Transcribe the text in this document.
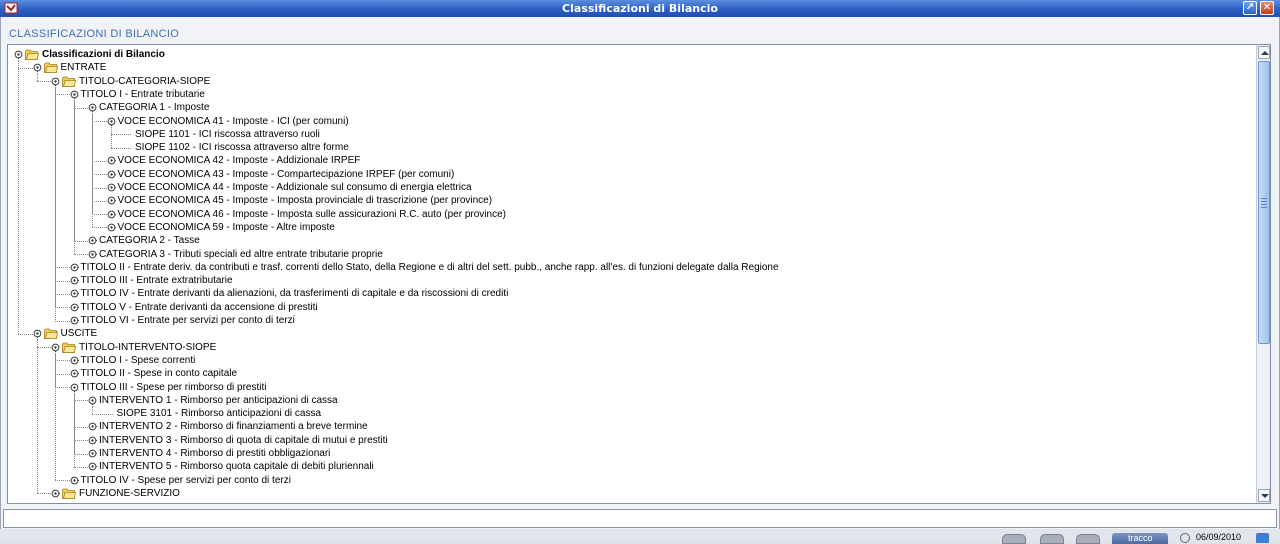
Classificazioni di Bilancio	↗ ✕
CLASSIFICAZIONI DI BILANCIO
Classificazioni di Bilancio
ENTRATE
TITOLO-CATEGORIA-SIOPE
TITOLO I - Entrate tributarie
CATEGORIA 1 - Imposte
VOCE ECONOMICA 41 - Imposte - ICI (per comuni)
SIOPE 1101 - ICI riscossa attraverso ruoli
SIOPE 1102 - ICI riscossa attraverso altre forme
VOCE ECONOMICA 42 - Imposte - Addizionale IRPEF
VOCE ECONOMICA 43 - Imposte - Compartecipazione IRPEF (per comuni)
VOCE ECONOMICA 44 - Imposte - Addizionale sul consumo di energia elettrica
VOCE ECONOMICA 45 - Imposte - Imposta provinciale di trascrizione (per province)
VOCE ECONOMICA 46 - Imposte - Imposta sulle assicurazioni R.C. auto (per province)
VOCE ECONOMICA 59 - Imposte - Altre imposte
CATEGORIA 2 - Tasse
CATEGORIA 3 - Tributi speciali ed altre entrate tributarie proprie
TITOLO II - Entrate deriv. da contributi e trasf. correnti dello Stato, della Regione e di altri del sett. pubb., anche rapp. all'es. di funzioni delegate dalla Regione
TITOLO III - Entrate extratributarie
TITOLO IV - Entrate derivanti da alienazioni, da trasferimenti di capitale e da riscossioni di crediti
TITOLO V - Entrate derivanti da accensione di prestiti
TITOLO VI - Entrate per servizi per conto di terzi
USCITE
TITOLO-INTERVENTO-SIOPE
TITOLO I - Spese correnti
TITOLO II - Spese in conto capitale
TITOLO III - Spese per rimborso di prestiti
INTERVENTO 1 - Rimborso per anticipazioni di cassa
SIOPE 3101 - Rimborso anticipazioni di cassa
INTERVENTO 2 - Rimborso di finanziamenti a breve termine
INTERVENTO 3 - Rimborso di quota di capitale di mutui e prestiti
INTERVENTO 4 - Rimborso di prestiti obbligazionari
INTERVENTO 5 - Rimborso quota capitale di debiti pluriennali
TITOLO IV - Spese per servizi per conto di terzi
FUNZIONE-SERVIZIO
tracco	06/09/2010
